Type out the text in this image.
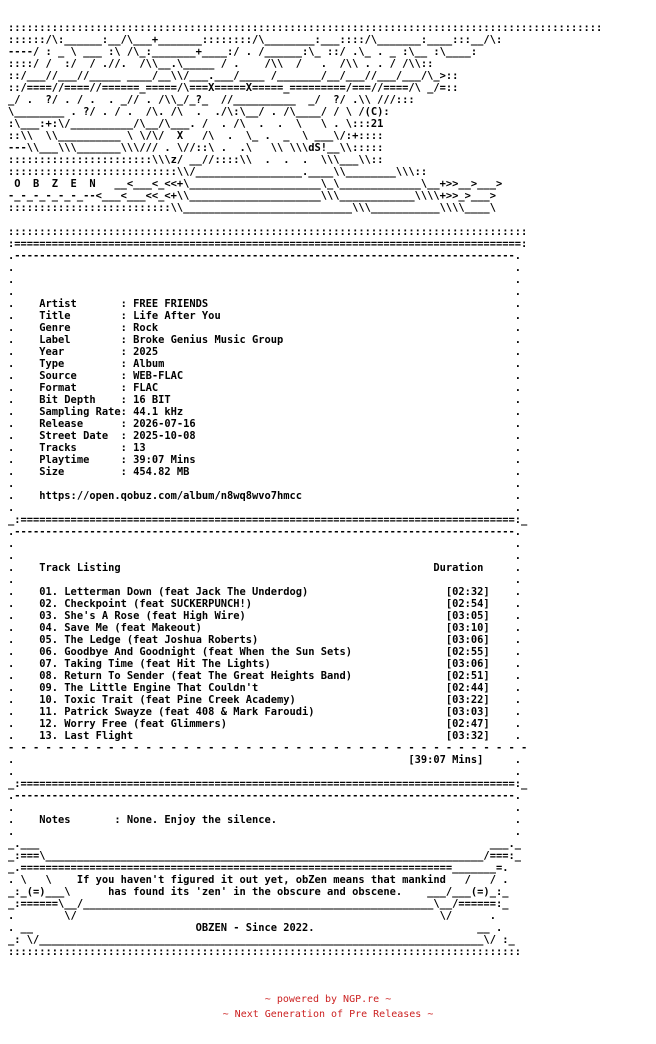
:::::::::::::::::::::::::::::::::::::::::::::::::::::::::::::::::::::::::::::::::::::::::::::::
::::::/\:______:__/\___+_______::::::::/\________:___::::/\_______:____:::__/\:
----/ : _ \ ___ :\ /\_:_______+____:/ . /______:\_ ::/ .\_ . _ :\__ :\____:
::::/ /  :/  / .//.  /\\__.\_____ / .    /\\  /   .  /\\ . . / /\\::
::/___//___//_____ ____/__\\/___.___/____ /_______/__/___//___/___/\_>::
::/====//====//======_=====/\===X=====X=====_=========/===//====/\ _/=::
_/ .  ?/ . / .  . _// . /\\_/_?_  //__________  _/  ?/ .\\ ///:::
\________ . ?/ . / .  /\. /\  .  ./\:\__/ . /\____/ / \ /(C):
:\___:+:\/__________/\__/\___. /  . /\  .  .  \   \ . \:::21
::\\  \\__________ \ \/\/  X   /\  .  \_ .  _  \ ___\/:+::::
---\\___\\\_______\\\/// . \//::\ .  .\   \\ \\\dS!__\\:::::
:::::::::::::::::::::::\\\z/ __//::::\\  .  .  .  \\\___\\::
:::::::::::::::::::::::::::\\/_________________.____\\________\\\::
O  B  Z  E  N   __<___<_<<+\_____________________\_\_____________\__+>>__>___>
-_-_-_-_-_-_--<___<___<<_<+\\_____________________\\\____________\\\\+>>_>___>
::::::::::::::::::::::::::\\___________________________\\\___________\\\\____\
:::::::::::::::::::::::::::::::::::::::::::::::::::::::::::::::::::::::::::::::::::
:=================================================================================:
.--------------------------------------------------------------------------------.
.                                                                                .
.                                                                                .
.                                                                                .
.    Artist       : FREE FRIENDS                                                 .
.    Title        : Life After You                                               .
.    Genre        : Rock                                                         .
.    Label        : Broke Genius Music Group                                     .
.    Year         : 2025                                                         .
.    Type         : Album                                                        .
.    Source       : WEB-FLAC                                                     .
.    Format       : FLAC                                                         .
.    Bit Depth    : 16 BIT                                                       .
.    Sampling Rate: 44.1 kHz                                                     .
.    Release      : 2026-07-16                                                   .
.    Street Date  : 2025-10-08                                                   .
.    Tracks       : 13                                                           .
.    Playtime     : 39:07 Mins                                                   .
.    Size         : 454.82 MB                                                    .
.                                                                                .
.    https://open.qobuz.com/album/n8wq8wvo7hmcc                                  .
.                                                                                .
_:===============================================================================:_
.--------------------------------------------------------------------------------.
.                                                                                .
.                                                                                .
.    Track Listing                                                  Duration     .
.                                                                                .
.    01. Letterman Down (feat Jack The Underdog)                      [02:32]    .
.    02. Checkpoint (feat SUCKERPUNCH!)                               [02:54]    .
.    03. She's A Rose (feat High Wire)                                [03:05]    .
.    04. Save Me (feat Makeout)                                       [03:10]    .
.    05. The Ledge (feat Joshua Roberts)                              [03:06]    .
.    06. Goodbye And Goodnight (feat When the Sun Sets)               [02:55]    .
.    07. Taking Time (feat Hit The Lights)                            [03:06]    .
.    08. Return To Sender (feat The Great Heights Band)               [02:51]    .
.    09. The Little Engine That Couldn't                              [02:44]    .
.    10. Toxic Trait (feat Pine Creek Academy)                        [03:22]    .
.    11. Patrick Swayze (feat 408 & Mark Faroudi)                     [03:03]    .
.    12. Worry Free (feat Glimmers)                                   [02:47]    .
.    13. Last Flight                                                  [03:32]    .
- - - - - - - - - - - - - - - - - - - - - - - - - - - - - - - - - - - - - - - - - -
.                                                               [39:07 Mins]     .
.                                                                                .
_:===============================================================================:_
.--------------------------------------------------------------------------------.
.                                                                                .
.    Notes       : None. Enjoy the silence.                                      .
.                                                                                .
_.___                                                                        ___._
_:===\______________________________________________________________________/===:_
_.=====================================================================_______=.
. \   \    If you haven't figured it out yet, obZen means that mankind   /   / .
_:_(=)___\      has found its 'zen' in the obscure and obscene.    ___/___(=)_:_
_:======\__/________________________________________________________\__/======:_
.        \/                                                          \/      .
. __                          OBZEN - Since 2022.                          __ .
_: \/_______________________________________________________________________\/ :_
::::::::::::::::::::::::::::::::::::::::::::::::::::::::::::::::::::::::::::::::::
~ powered by NGP.re ~
~ Next Generation of Pre Releases ~
